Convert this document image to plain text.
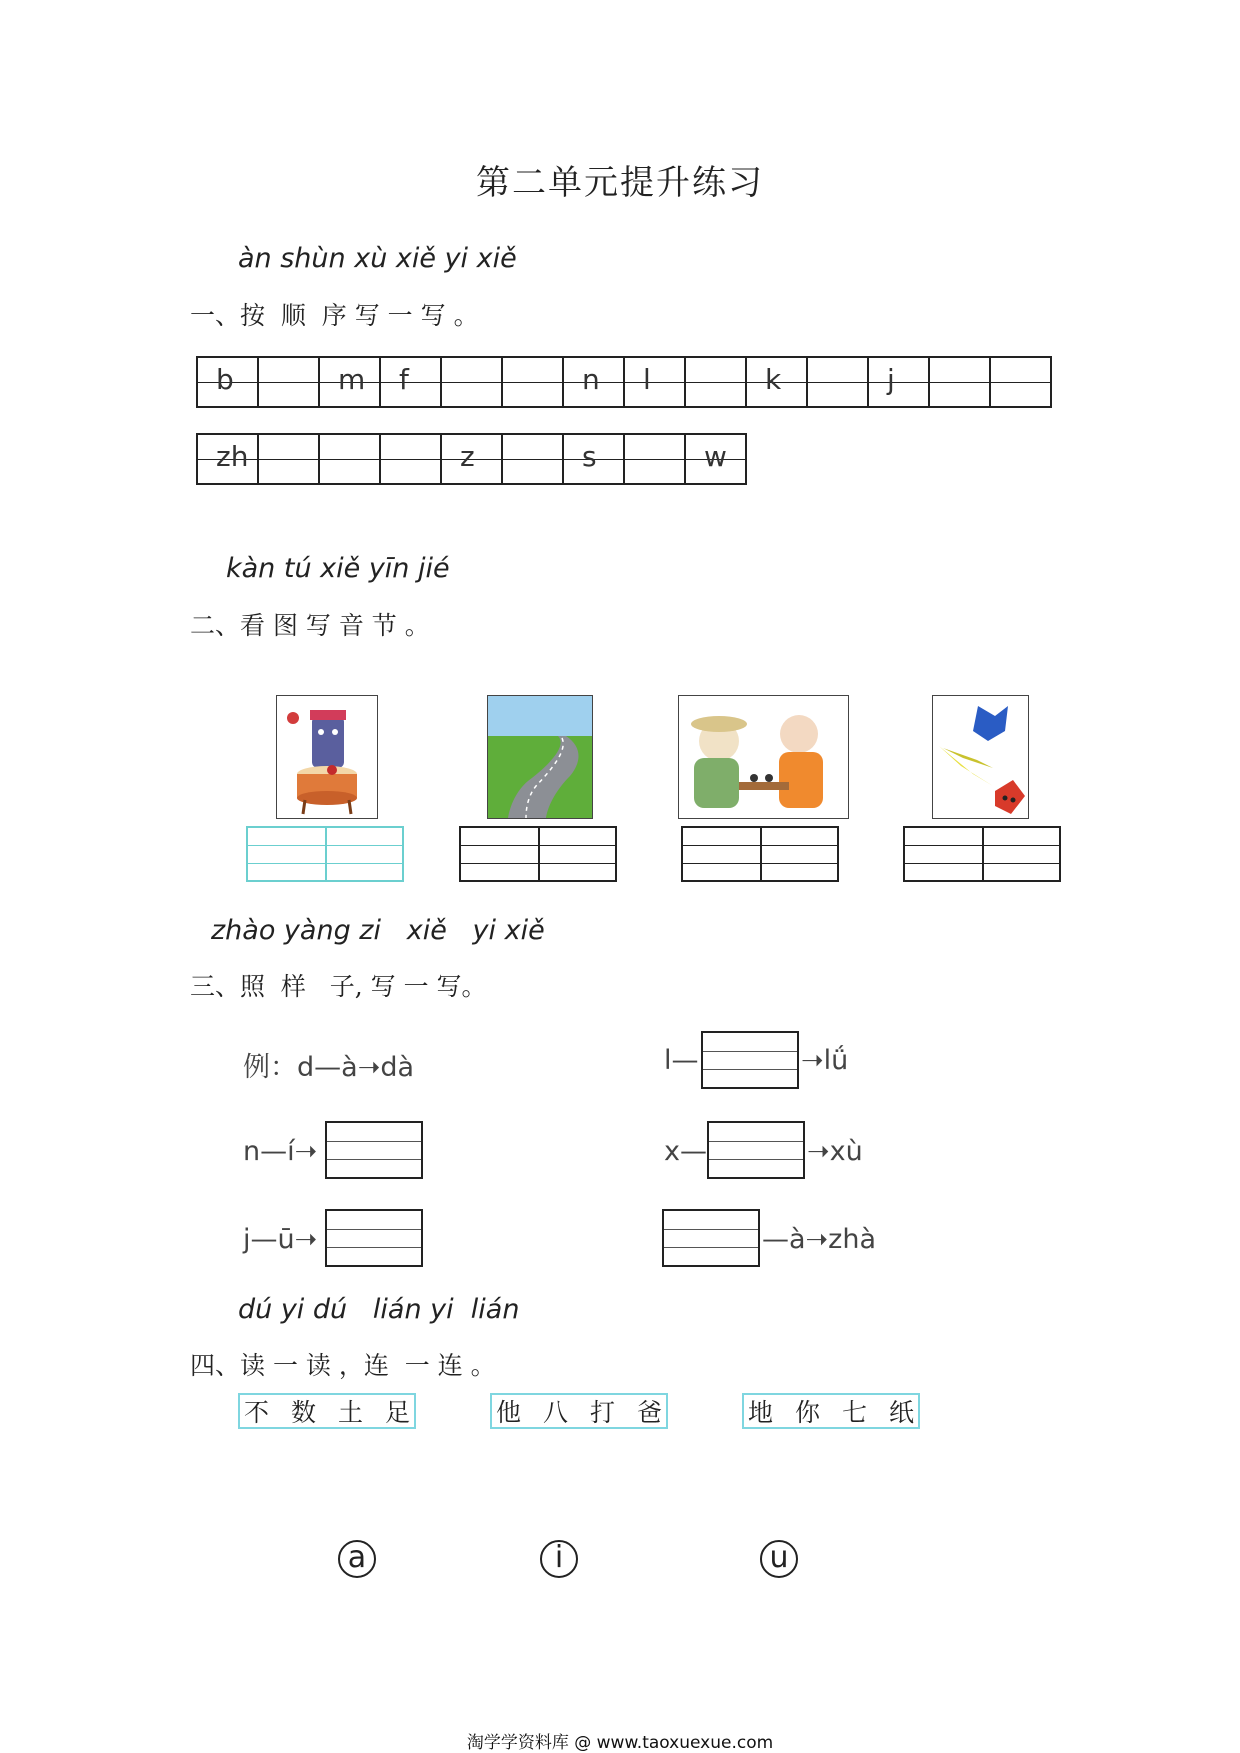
第二单元提升练习
àn shùn xù xiě yi xiě
一、按  顺  序 写 一 写 。
b		m	f			n	l		k		j		
zh				z		s		w
kàn tú xiě yīn jié
二、看 图 写 音 节 。
zhào yàng zi   xiě   yi xiě
三、照  样   子, 写 一 写。
例：d—à➝dà
n—í➝
j—ū➝
l—	➝lǘ
x—	➝xù
—à➝zhà
dú yi dú   lián yi  lián
四、读 一 读 ，连  一 连 。
不 数 土 足	他 八 打 爸	地 你 七 纸
a	i	u
淘学学资料库 @ www.taoxuexue.com
